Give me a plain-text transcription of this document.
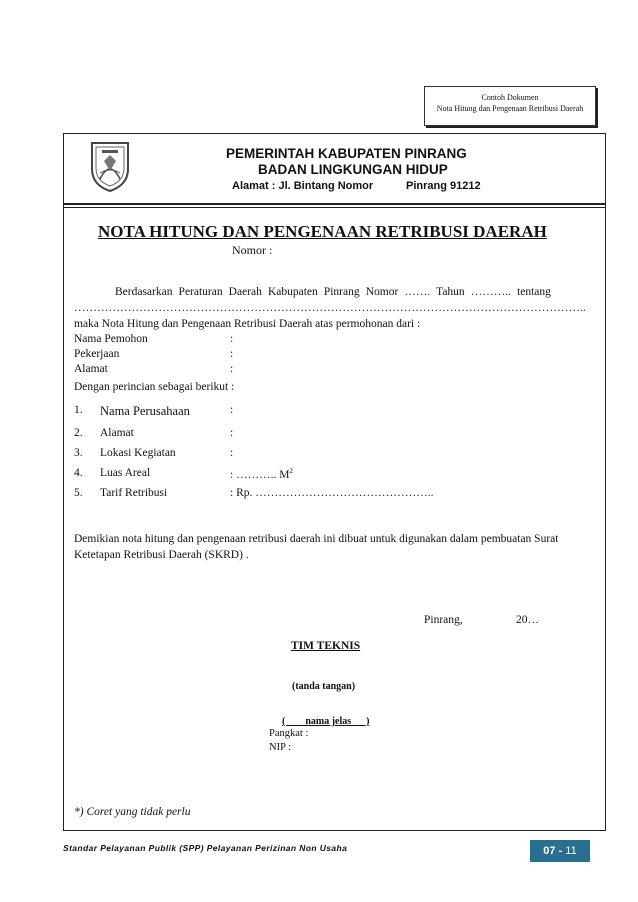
Contoh Dokumen
Nota Hitung dan Pengenaan Retribusi Daerah
PEMERINTAH KABUPATEN PINRANG
BADAN LINGKUNGAN HIDUP
Alamat : Jl. Bintang Nomor	Pinrang 91212
NOTA HITUNG DAN PENGENAAN RETRIBUSI DAERAH
Nomor :
Berdasarkan Peraturan Daerah Kabupaten Pinrang Nomor ……. Tahun ……….. tentang
……………………………………………………………………………………………………………………..
maka Nota Hitung dan Pengenaan Retribusi Daerah atas permohonan dari :
Nama Pemohon	:
Pekerjaan	:
Alamat	:
Dengan perincian sebagai berikut :
1.	Nama Perusahaan	:
2.	Alamat	:
3.	Lokasi Kegiatan	:
4.	Luas Areal	: ……….. $M^2$
5.	Tarif Retribusi	: Rp. ………………………………………..
Demikian nota hitung dan pengenaan retribusi daerah ini dibuat untuk digunakan dalam pembuatan Surat
Ketetapan Retribusi Daerah (SKRD) .
Pinrang,	20…
TIM TEKNIS
(tanda tangan)
(        nama jelas      )
Pangkat :
NIP :
*) Coret yang tidak perlu
Standar Pelayanan Publik (SPP) Pelayanan Perizinan Non Usaha	07 - 11
